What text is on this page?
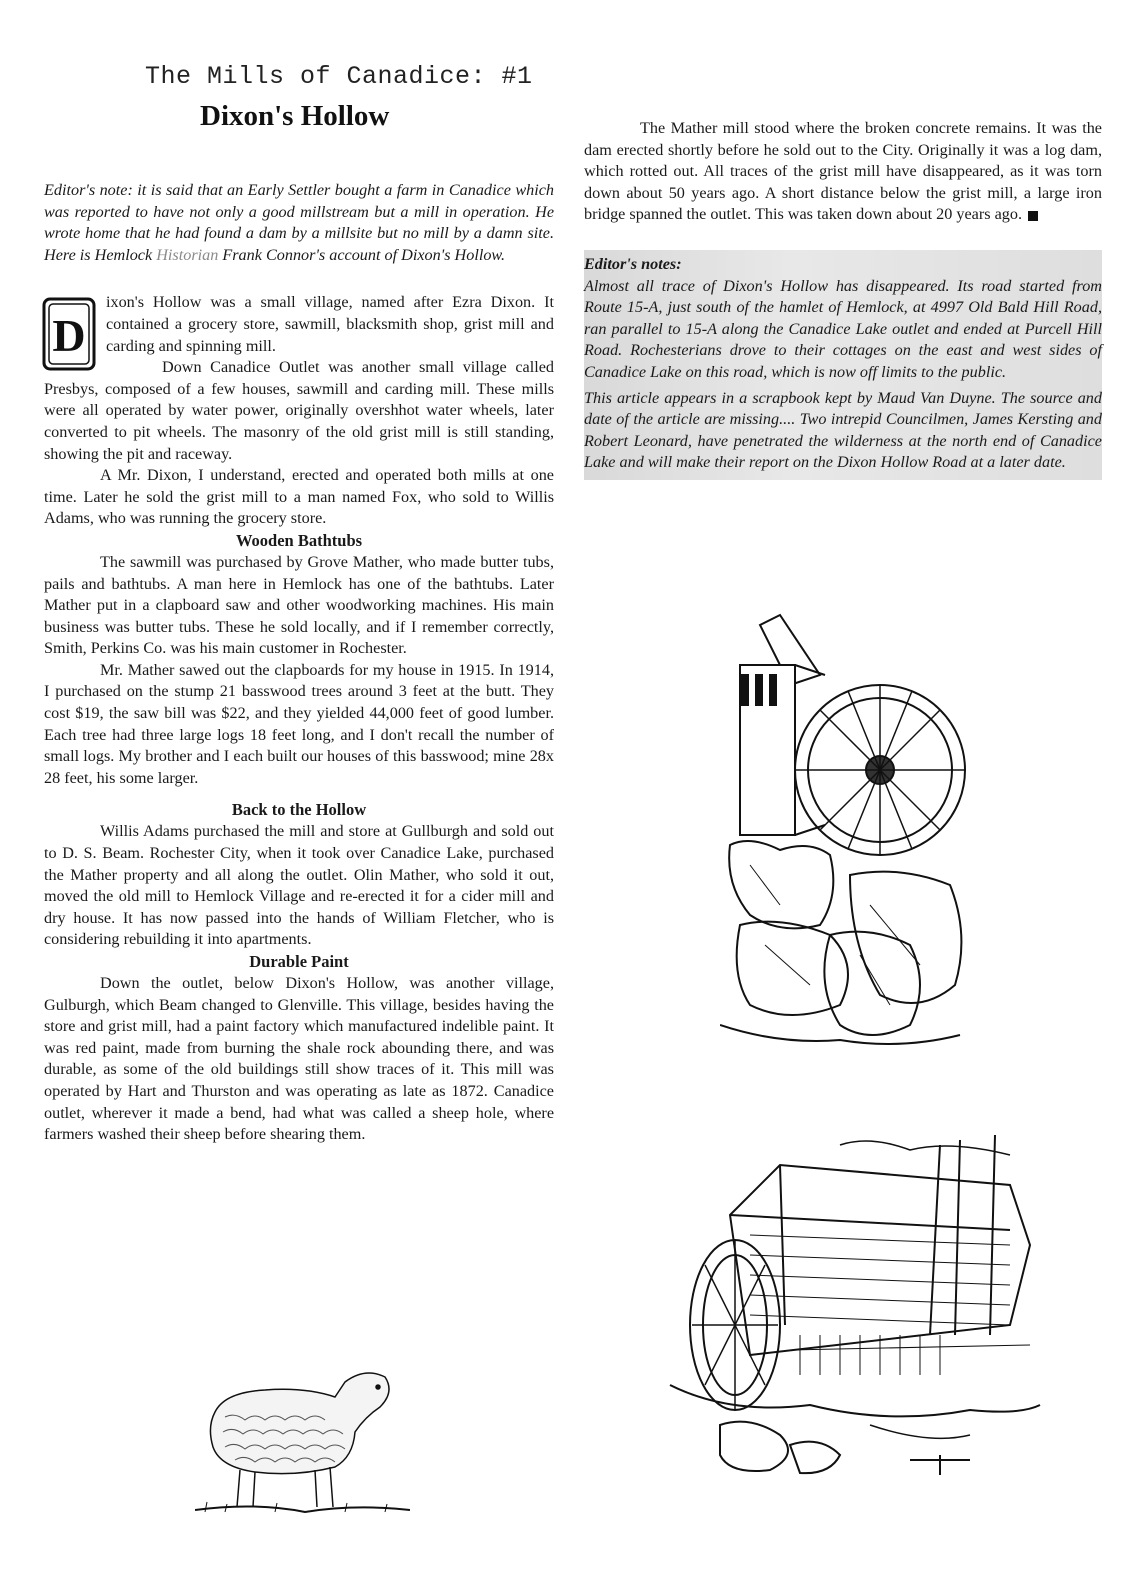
The Mills of Canadice: #1
Dixon's Hollow
Editor's note: it is said that an Early Settler bought a farm in Canadice which was reported to have not only a good millstream but a mill in operation. He wrote home that he had found a dam by a millsite but no mill by a damn site. Here is Hemlock Historian Frank Connor's account of Dixon's Hollow.
D

ixon's Hollow was a small village, named after Ezra Dixon. It contained a grocery store, sawmill, blacksmith shop, grist mill and carding and spinning mill.

Down Canadice Outlet was another small village called Presbys, composed of a few houses, sawmill and carding mill. These mills were all operated by water power, originally overshhot water wheels, later converted to pit wheels. The masonry of the old grist mill is still standing, showing the pit and raceway.

A Mr. Dixon, I understand, erected and operated both mills at one time. Later he sold the grist mill to a man named Fox, who sold to Willis Adams, who was running the grocery store.

Wooden Bathtubs

The sawmill was purchased by Grove Mather, who made butter tubs, pails and bathtubs. A man here in Hemlock has one of the bathtubs. Later Mather put in a clapboard saw and other woodworking machines. His main business was butter tubs. These he sold locally, and if I remember correctly, Smith, Perkins Co. was his main customer in Rochester.

Mr. Mather sawed out the clapboards for my house in 1915. In 1914, I purchased on the stump 21 basswood trees around 3 feet at the butt. They cost $19, the saw bill was $22, and they yielded 44,000 feet of good lumber. Each tree had three large logs 18 feet long, and I don't recall the number of small logs. My brother and I each built our houses of this basswood; mine 28x 28 feet, his some larger.

Back to the Hollow

Willis Adams purchased the mill and store at Gullburgh and sold out to D. S. Beam. Rochester City, when it took over Canadice Lake, purchased the Mather property and all along the outlet. Olin Mather, who sold it out, moved the old mill to Hemlock Village and re-erected it for a cider mill and dry house. It has now passed into the hands of William Fletcher, who is considering rebuilding it into apartments.

Durable Paint

Down the outlet, below Dixon's Hollow, was another village, Gulburgh, which Beam changed to Glenville. This village, besides having the store and grist mill, had a paint factory which manufactured indelible paint. It was red paint, made from burning the shale rock abounding there, and was durable, as some of the old buildings still show traces of it. This mill was operated by Hart and Thurston and was operating as late as 1872. Canadice outlet, wherever it made a bend, had what was called a sheep hole, where farmers washed their sheep before shearing them.

The Mather mill stood where the broken concrete remains. It was the dam erected shortly before he sold out to the City. Originally it was a log dam, which rotted out. All traces of the grist mill have disappeared, as it was torn down about 50 years ago. A short distance below the grist mill, a large iron bridge spanned the outlet. This was taken down about 20 years ago.

Editor's notes:
Almost all trace of Dixon's Hollow has disappeared. Its road started from Route 15-A, just south of the hamlet of Hemlock, at 4997 Old Bald Hill Road, ran parallel to 15-A along the Canadice Lake outlet and ended at Purcell Hill Road. Rochesterians drove to their cottages on the east and west sides of Canadice Lake on this road, which is now off limits to the public.
This article appears in a scrapbook kept by Maud Van Duyne. The source and date of the article are missing.... Two intrepid Councilmen, James Kersting and Robert Leonard, have penetrated the wilderness at the north end of Canadice Lake and will make their report on the Dixon Hollow Road at a later date.
